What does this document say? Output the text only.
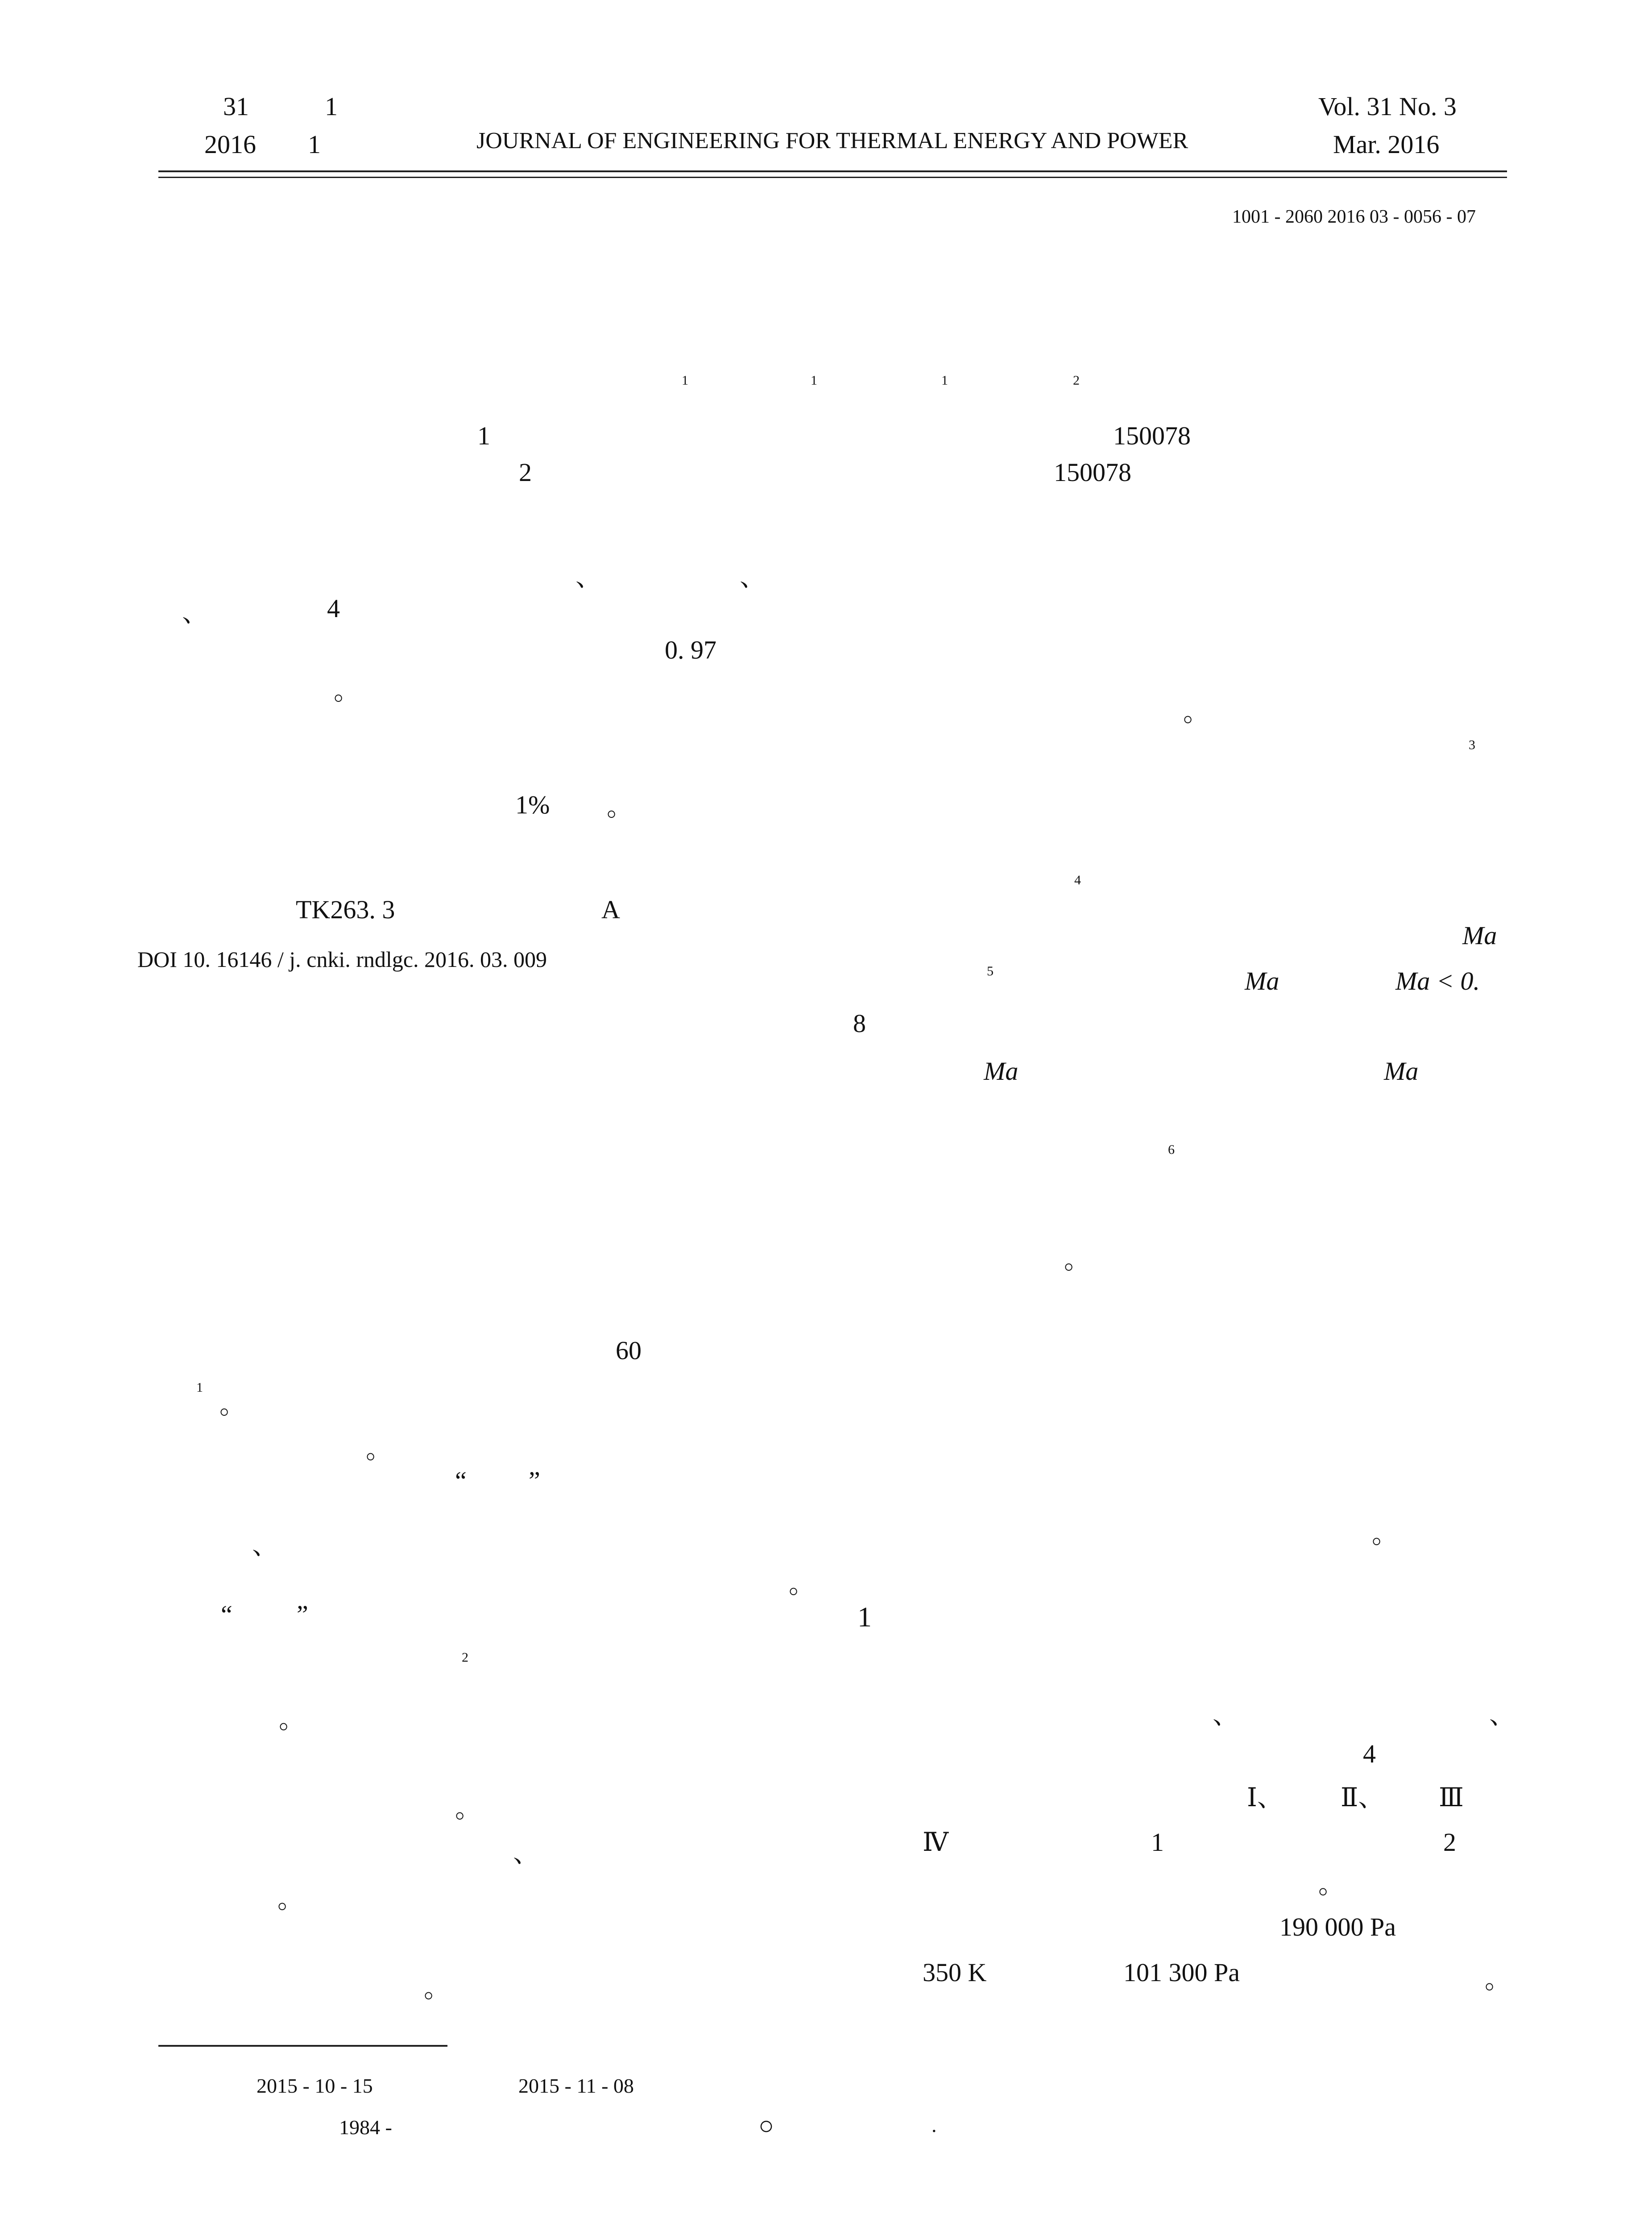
31	1
2016 1	JOURNAL OF ENGINEERING FOR THERMAL ENERGY AND POWER
Vol. 31 No. 3
Mar. 2016
1001 - 2060 2016 03 - 0056 - 07
1	1	1	2
1	150078
2	150078
、	、
、	4
0. 97
。
1% 。
TK263. 3	A
DOI 10. 16146 / j. cnki. rndlgc. 2016. 03. 009
60
1
。
。
“ ”
、
。
“ ”
2
。
。
、
。
。
。
3
4
Ma
5	Ma	Ma < 0.
8
Ma	Ma
6
。
。
1
、	、
4
Ⅰ、 Ⅱ、 Ⅲ
Ⅳ	1	2
。
190 000 Pa
350 K	101 300 Pa	。
2015 - 10 - 15	2015 - 11 - 08
1984 -	○	.
